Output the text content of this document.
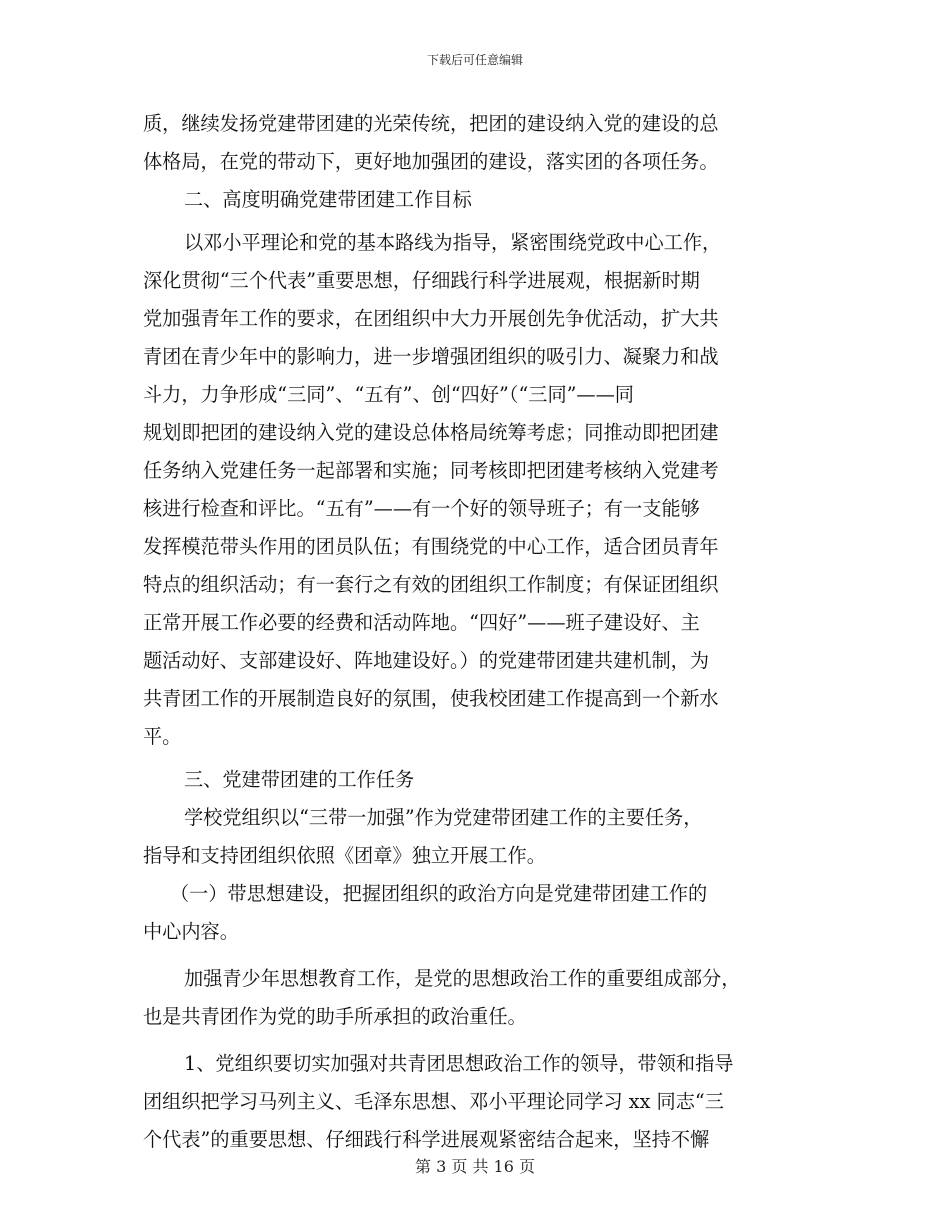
下载后可任意编辑
质，继续发扬党建带团建的光荣传统，把团的建设纳入党的建设的总
体格局，在党的带动下，更好地加强团的建设，落实团的各项任务。
二、高度明确党建带团建工作目标
以邓小平理论和党的基本路线为指导，紧密围绕党政中心工作，
深化贯彻“三个代表”重要思想，仔细践行科学进展观，根据新时期
党加强青年工作的要求，在团组织中大力开展创先争优活动，扩大共
青团在青少年中的影响力，进一步增强团组织的吸引力、凝聚力和战
斗力，力争形成“三同”、“五有”、创“四好”（“三同”——同
规划即把团的建设纳入党的建设总体格局统筹考虑；同推动即把团建
任务纳入党建任务一起部署和实施；同考核即把团建考核纳入党建考
核进行检查和评比。“五有”——有一个好的领导班子；有一支能够
发挥模范带头作用的团员队伍；有围绕党的中心工作，适合团员青年
特点的组织活动；有一套行之有效的团组织工作制度；有保证团组织
正常开展工作必要的经费和活动阵地。“四好”——班子建设好、主
题活动好、支部建设好、阵地建设好。）的党建带团建共建机制，为
共青团工作的开展制造良好的氛围，使我校团建工作提高到一个新水
平。
三、党建带团建的工作任务
学校党组织以“三带一加强”作为党建带团建工作的主要任务，
指导和支持团组织依照《团章》独立开展工作。
（一）带思想建设，把握团组织的政治方向是党建带团建工作的
中心内容。
加强青少年思想教育工作，是党的思想政治工作的重要组成部分，
也是共青团作为党的助手所承担的政治重任。
1、党组织要切实加强对共青团思想政治工作的领导，带领和指导
团组织把学习马列主义、毛泽东思想、邓小平理论同学习 xx 同志“三
个代表”的重要思想、仔细践行科学进展观紧密结合起来，坚持不懈
第 3 页 共 16 页
